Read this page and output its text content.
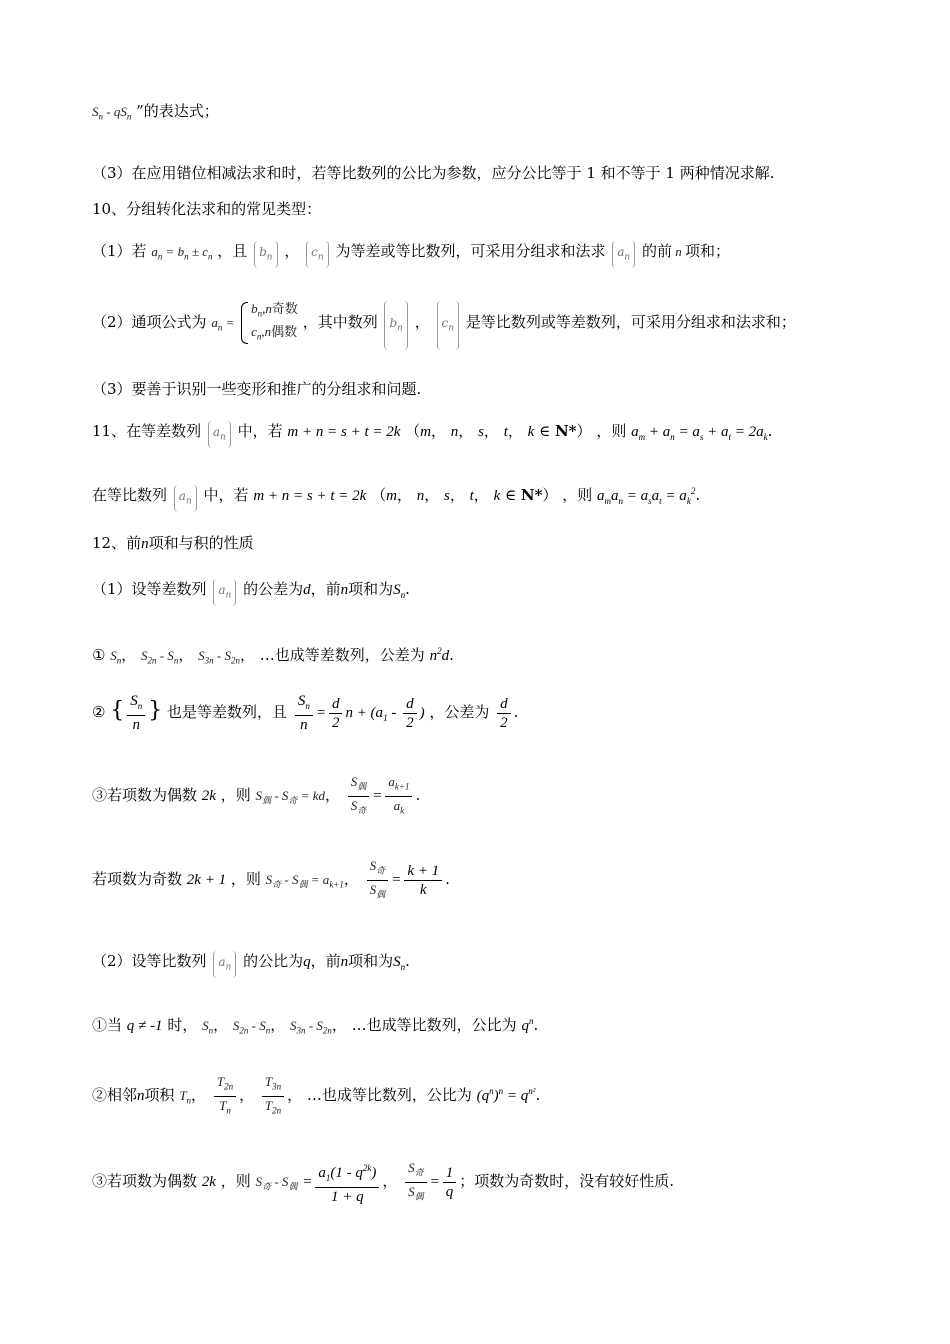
$S_n - qS_n$ ”的表达式；
（3）在应用错位相减法求和时，若等比数列的公比为参数，应分公比等于 1 和不等于 1 两种情况求解.
10、分组转化法求和的常见类型：
（1）若 $a_n = b_n \pm c_n$ ，且 $b_n$ ， $c_n$ 为等差或等比数列，可采用分组求和法求 $a_n$ 的前 n 项和；
（2）通项公式为 $a_n = b_n,n$奇数
$c_n,n$偶数 ，其中数列 $b_n$ ， $c_n$ 是等比数列或等差数列，可采用分组求和法求和；
（3）要善于识别一些变形和推广的分组求和问题.
11、在等差数列 $a_n$ 中，若 m + n = s + t = 2k （m， n， s， t， k ∈ N*） ，则 $a_m + a_n = a_s + a_t = 2a_k$.
在等比数列 $a_n$ 中，若 m + n = s + t = 2k （m， n， s， t， k ∈ N*） ，则 $a_ma_n = a_sa_t = a_k^2$.
12、前n项和与积的性质
（1）设等差数列 $a_n$ 的公差为d，前n项和为$S_n$.
① $S_n$， $S_{2n} - S_n$， $S_{3n} - S_{2n}$， …也成等差数列，公差为 $n^2d$.
② { $\frac{S_n}{n}$ } 也是等差数列，且 $\frac{S_n}{n} = \frac{d}{2}$ $n + (a_1 - \frac{d}{2}$ ) ，公差为 $\frac{d}{2}$ .
③若项数为偶数 2k ，则 $S_偶 - S_奇$ = kd， $\frac{S_偶}{S_奇} = \frac{a_{k+1}}{a_k}$ .
若项数为奇数 2k + 1 ，则 $S_奇 - S_偶 = a_{k+1}$， $\frac{S_奇}{S_偶} = \frac{k + 1}{k}$ .
（2）设等比数列 $a_n$ 的公比为q，前n项和为$S_n$.
①当 q ≠ -1 时， $S_n$， $S_{2n} - S_n$， $S_{3n} - S_{2n}$， …也成等比数列，公比为 $q^n$.
②相邻n项积 $T_n$， $\frac{T_{2n}}{T_n}$ ， $\frac{T_{3n}}{T_{2n}}$ ， …也成等比数列，公比为 $(q^n)^n = q^{n^2}$.
③若项数为偶数 2k ，则 $S_奇 - S_偶 = \frac{a_1(1 - q^{2k})}{1 + q}$ ， $\frac{S_奇}{S_偶} = \frac{1}{q}$ ；项数为奇数时，没有较好性质.
